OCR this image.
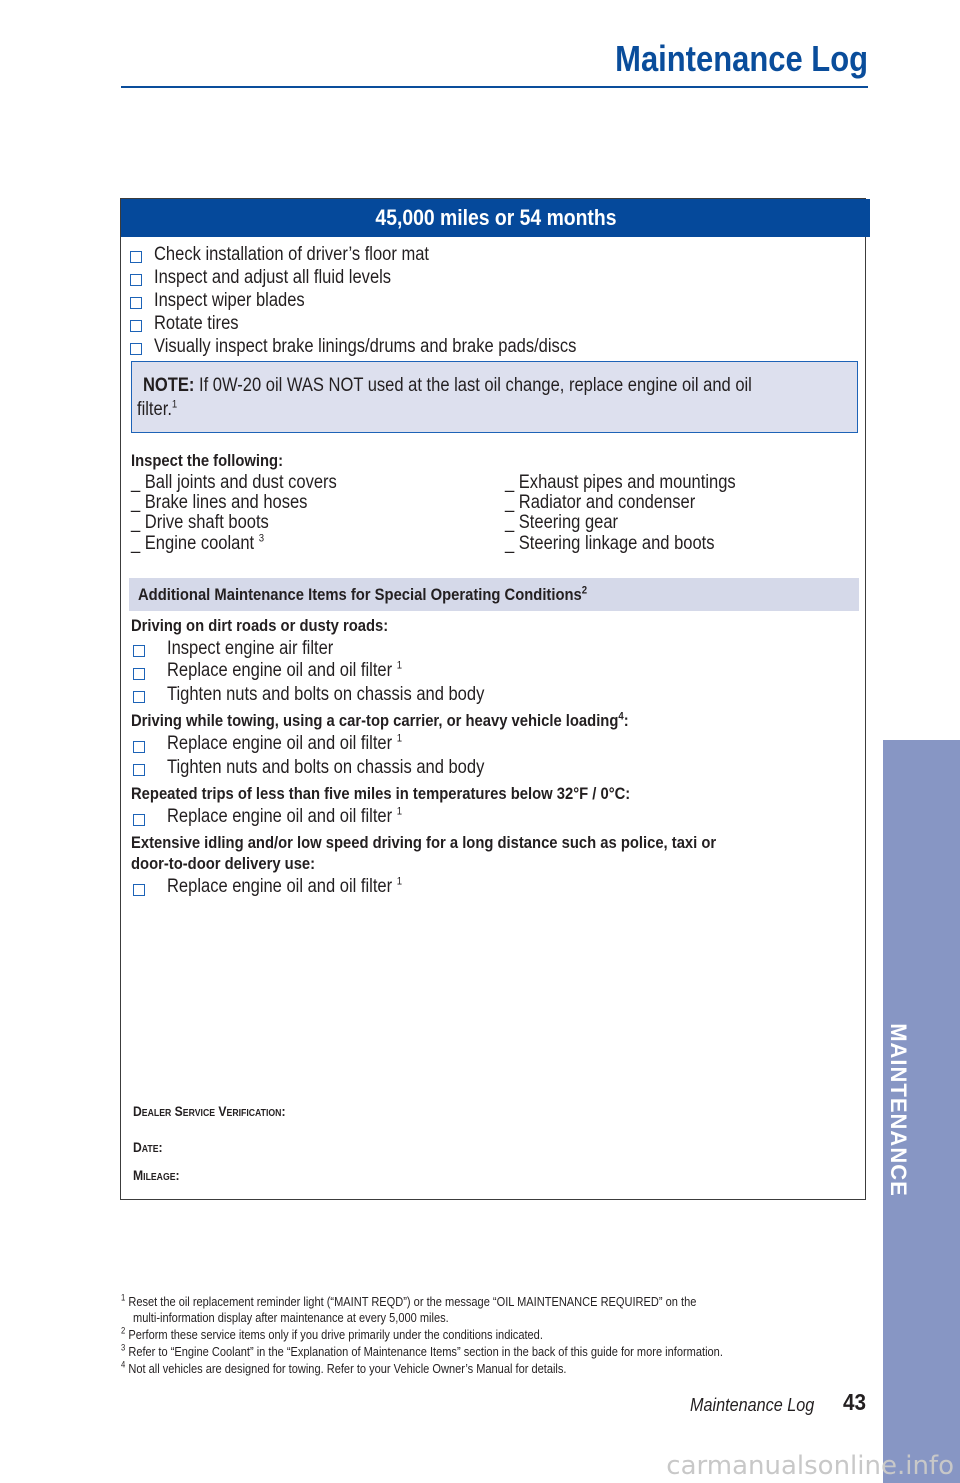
Maintenance Log
45,000 miles or 54 months
Check installation of driver’s floor mat
Inspect and adjust all fluid levels
Inspect wiper blades
Rotate tires
Visually inspect brake linings/drums and brake pads/discs
NOTE: If 0W-20 oil WAS NOT used at the last oil change, replace engine oil and oil
filter.$^1$
Inspect the following:
_ Ball joints and dust covers
_ Brake lines and hoses
_ Drive shaft boots
_ Engine coolant $^3$
_ Exhaust pipes and mountings
_ Radiator and condenser
_ Steering gear
_ Steering linkage and boots
Additional Maintenance Items for Special Operating Conditions$^2$
Driving on dirt roads or dusty roads:
Inspect engine air filter
Replace engine oil and oil filter $^1$
Tighten nuts and bolts on chassis and body
Driving while towing, using a car-top carrier, or heavy vehicle loading$^4$:
Replace engine oil and oil filter $^1$
Tighten nuts and bolts on chassis and body
Repeated trips of less than five miles in temperatures below 32°F / 0°C:
Replace engine oil and oil filter $^1$
Extensive idling and/or low speed driving for a long distance such as police, taxi or
door-to-door delivery use:
Replace engine oil and oil filter $^1$
Dealer Service Verification:
Date:
Mileage:
$^1$ Reset the oil replacement reminder light (“MAINT REQD”) or the message “OIL MAINTENANCE REQUIRED” on the
multi-information display after maintenance at every 5,000 miles.
$^2$ Perform these service items only if you drive primarily under the conditions indicated.
$^3$ Refer to “Engine Coolant” in the “Explanation of Maintenance Items” section in the back of this guide for more information.
$^4$ Not all vehicles are designed for towing. Refer to your Vehicle Owner’s Manual for details.
MAINTENANCE
Maintenance Log 43
carmanualsonline.info
